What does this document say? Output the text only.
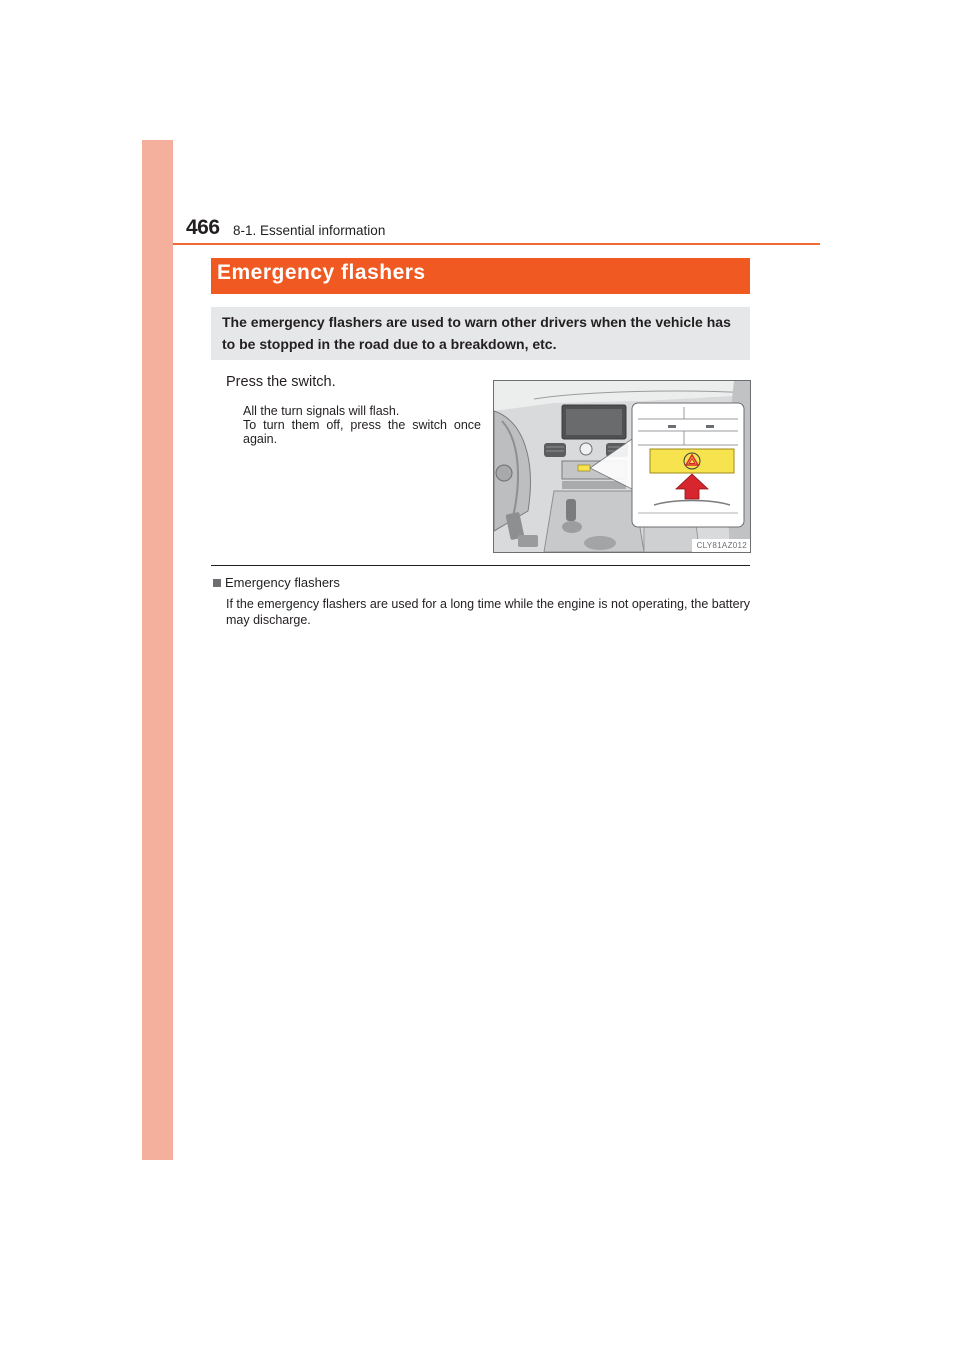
466 8-1. Essential information
Emergency flashers
The emergency flashers are used to warn other drivers when the vehicle has to be stopped in the road due to a breakdown, etc.
Press the switch.
All the turn signals will flash.
To turn them off, press the switch once again.
CLY81AZ012
Emergency flashers
If the emergency flashers are used for a long time while the engine is not operating, the battery may discharge.
